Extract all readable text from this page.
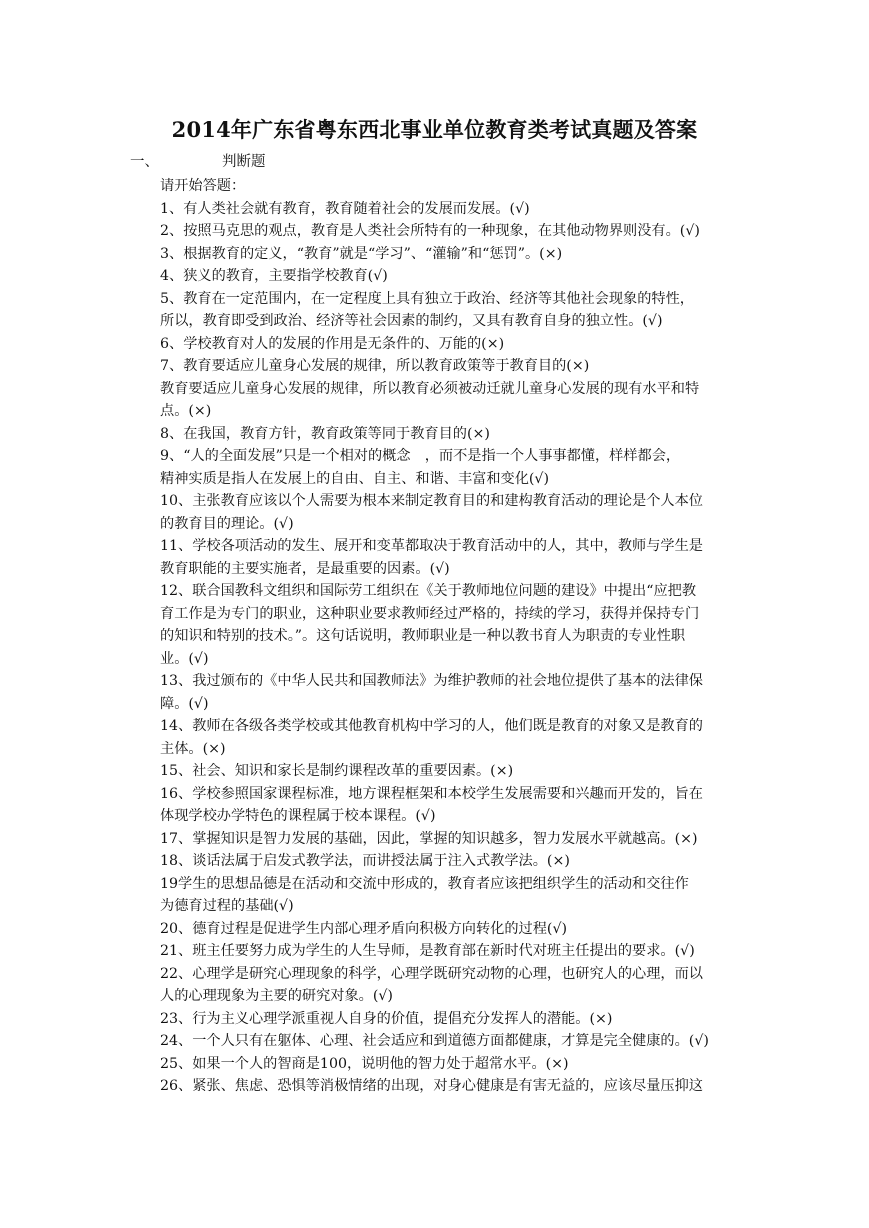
2014年广东省粤东西北事业单位教育类考试真题及答案
一、	判断题
请开始答题：
1、有人类社会就有教育，教育随着社会的发展而发展。(√)
2、按照马克思的观点，教育是人类社会所特有的一种现象，在其他动物界则没有。(√)
3、根据教育的定义，“教育”就是“学习”、“灌输”和“惩罚”。(×)
4、狭义的教育，主要指学校教育(√)
5、教育在一定范围内，在一定程度上具有独立于政治、经济等其他社会现象的特性，
所以，教育即受到政治、经济等社会因素的制约，又具有教育自身的独立性。(√)
6、学校教育对人的发展的作用是无条件的、万能的(×)
7、教育要适应儿童身心发展的规律，所以教育政策等于教育目的(×)
教育要适应儿童身心发展的规律，所以教育必须被动迁就儿童身心发展的现有水平和特
点。(×)
8、在我国，教育方针，教育政策等同于教育目的(×)
9、“人的全面发展”只是一个相对的概念　，而不是指一个人事事都懂，样样都会，
精神实质是指人在发展上的自由、自主、和谐、丰富和变化(√)
10、主张教育应该以个人需要为根本来制定教育目的和建构教育活动的理论是个人本位
的教育目的理论。(√)
11、学校各项活动的发生、展开和变革都取决于教育活动中的人，其中，教师与学生是
教育职能的主要实施者，是最重要的因素。(√)
12、联合国教科文组织和国际劳工组织在《关于教师地位问题的建设》中提出“应把教
育工作是为专门的职业，这种职业要求教师经过严格的，持续的学习，获得并保持专门
的知识和特别的技术。”。这句话说明，教师职业是一种以教书育人为职责的专业性职
业。(√)
13、我过颁布的《中华人民共和国教师法》为维护教师的社会地位提供了基本的法律保
障。(√)
14、教师在各级各类学校或其他教育机构中学习的人，他们既是教育的对象又是教育的
主体。(×)
15、社会、知识和家长是制约课程改革的重要因素。(×)
16、学校参照国家课程标准，地方课程框架和本校学生发展需要和兴趣而开发的，旨在
体现学校办学特色的课程属于校本课程。(√)
17、掌握知识是智力发展的基础，因此，掌握的知识越多，智力发展水平就越高。(×)
18、谈话法属于启发式教学法，而讲授法属于注入式教学法。(×)
19学生的思想品德是在活动和交流中形成的，教育者应该把组织学生的活动和交往作
为德育过程的基础(√)
20、德育过程是促进学生内部心理矛盾向积极方向转化的过程(√)
21、班主任要努力成为学生的人生导师，是教育部在新时代对班主任提出的要求。(√)
22、心理学是研究心理现象的科学，心理学既研究动物的心理，也研究人的心理，而以
人的心理现象为主要的研究对象。(√)
23、行为主义心理学派重视人自身的价值，提倡充分发挥人的潜能。(×)
24、一个人只有在躯体、心理、社会适应和到道德方面都健康，才算是完全健康的。(√)
25、如果一个人的智商是100，说明他的智力处于超常水平。(×)
26、紧张、焦虑、恐惧等消极情绪的出现，对身心健康是有害无益的，应该尽量压抑这
